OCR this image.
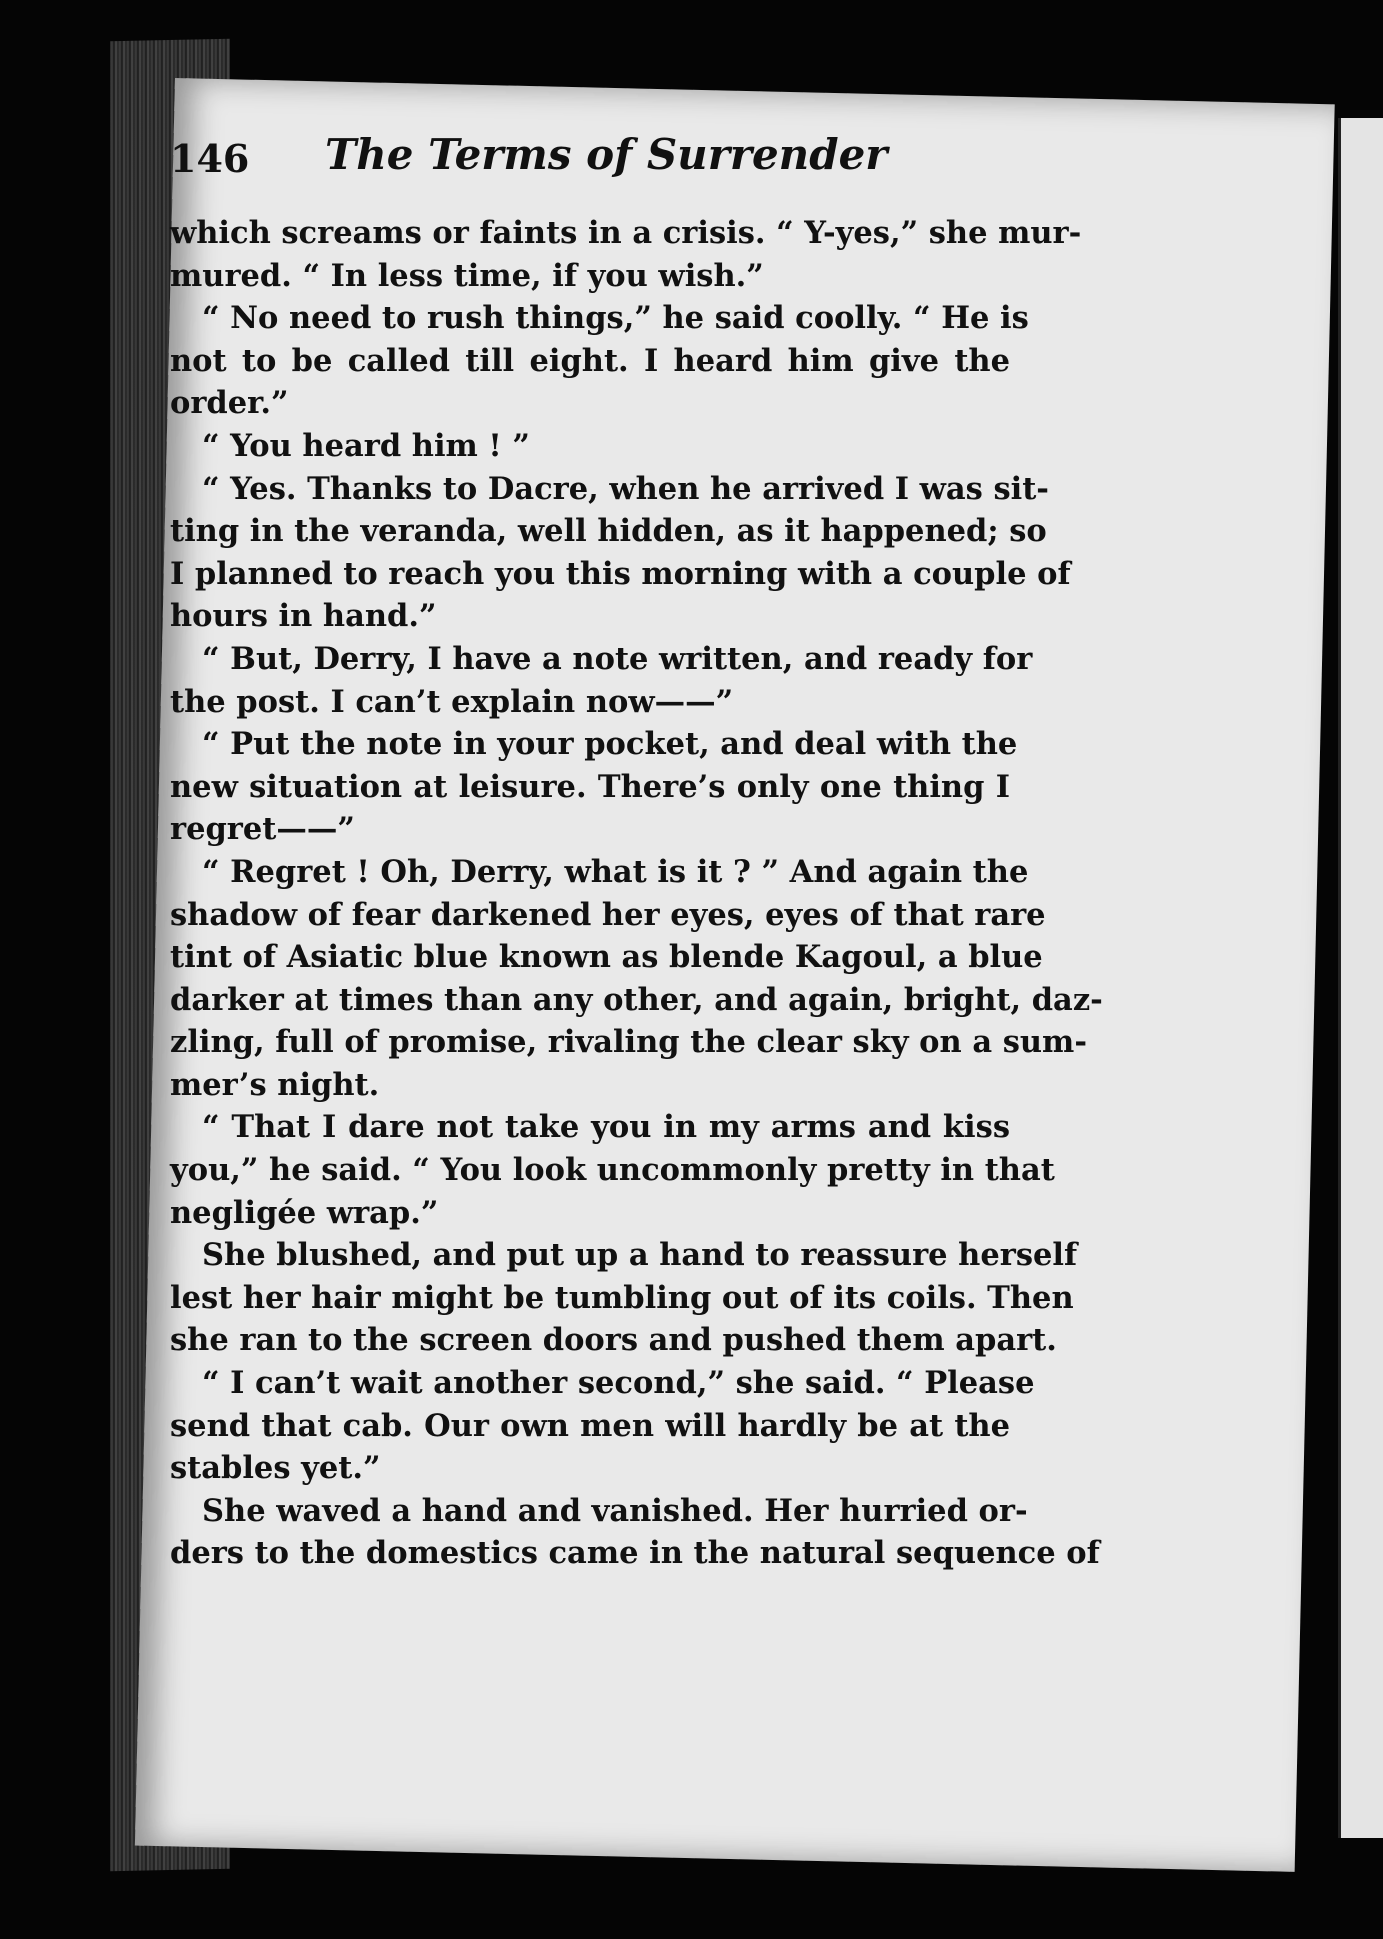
146 The Terms of Surrender
which screams or faints in a crisis. “ Y-yes,” she mur-
mured. “ In less time, if you wish.”
“ No need to rush things,” he said coolly. “ He is
not to be called till eight. I heard him give the
order.”
“ You heard him ! ”
“ Yes. Thanks to Dacre, when he arrived I was sit-
ting in the veranda, well hidden, as it happened; so
I planned to reach you this morning with a couple of
hours in hand.”
“ But, Derry, I have a note written, and ready for
the post. I can’t explain now——”
“ Put the note in your pocket, and deal with the
new situation at leisure. There’s only one thing I
regret——”
“ Regret ! Oh, Derry, what is it ? ” And again the
shadow of fear darkened her eyes, eyes of that rare
tint of Asiatic blue known as blende Kagoul, a blue
darker at times than any other, and again, bright, daz-
zling, full of promise, rivaling the clear sky on a sum-
mer’s night.
“ That I dare not take you in my arms and kiss
you,” he said. “ You look uncommonly pretty in that
negligée wrap.”
She blushed, and put up a hand to reassure herself
lest her hair might be tumbling out of its coils. Then
she ran to the screen doors and pushed them apart.
“ I can’t wait another second,” she said. “ Please
send that cab. Our own men will hardly be at the
stables yet.”
She waved a hand and vanished. Her hurried or-
ders to the domestics came in the natural sequence of
